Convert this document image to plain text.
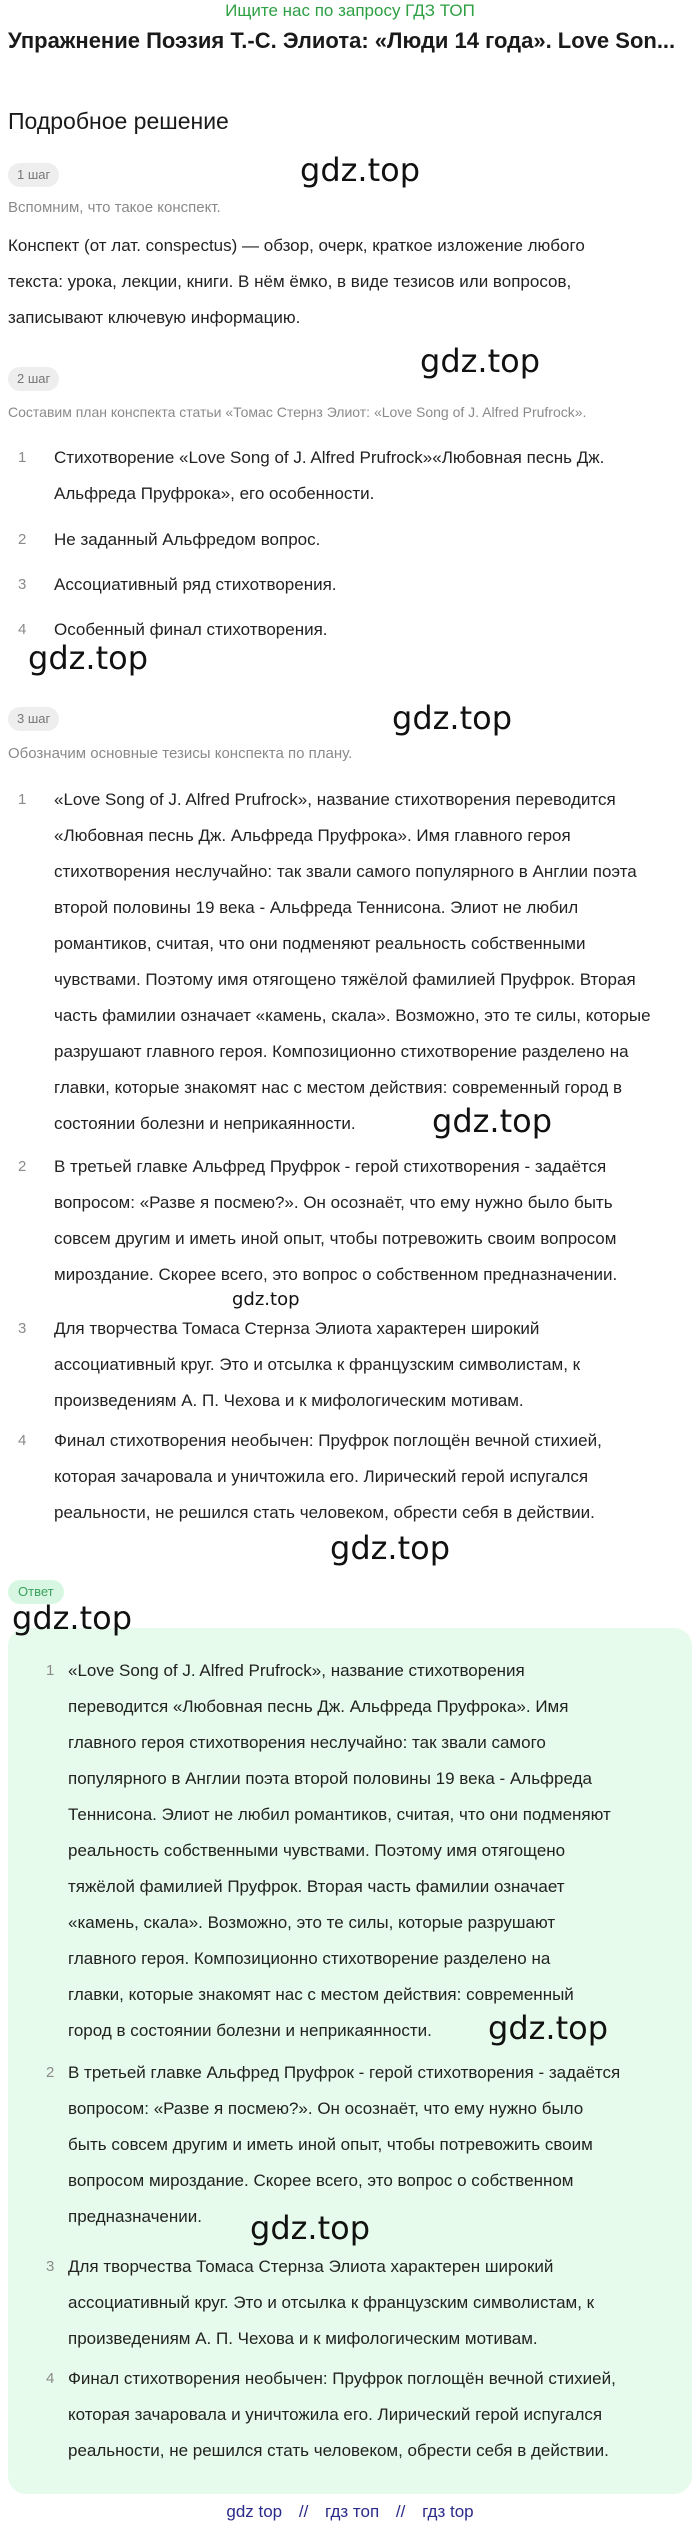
Ищите нас по запросу ГДЗ ТОП
Упражнение Поэзия Т.-С. Элиота: «Люди 14 года». Love Son...
Подробное решение
1 шаг	gdz.top
Вспомним, что такое конспект.
Конспект (от лат. conspectus) — обзор, очерк, краткое изложение любого
текста: урока, лекции, книги. В нём ёмко, в виде тезисов или вопросов,
записывают ключевую информацию.
gdz.top
2 шаг
Составим план конспекта статьи «Томас Стернз Элиот: «Love Song of J. Alfred Prufrock».
1	Стихотворение «Love Song of J. Alfred Prufrock»«Любовная песнь Дж.
Альфреда Пруфрока», его особенности.
2	Не заданный Альфредом вопрос.
3	Ассоциативный ряд стихотворения.
4	Особенный финал стихотворения.
gdz.top
3 шаг	gdz.top
Обозначим основные тезисы конспекта по плану.
1	«Love Song of J. Alfred Prufrock», название стихотворения переводится
«Любовная песнь Дж. Альфреда Пруфрока». Имя главного героя
стихотворения неслучайно: так звали самого популярного в Англии поэта
второй половины 19 века - Альфреда Теннисона. Элиот не любил
романтиков, считая, что они подменяют реальность собственными
чувствами. Поэтому имя отягощено тяжёлой фамилией Пруфрок. Вторая
часть фамилии означает «камень, скала». Возможно, это те силы, которые
разрушают главного героя. Композиционно стихотворение разделено на
главки, которые знакомят нас с местом действия: современный город в
состоянии болезни и неприкаянности.	gdz.top
2	В третьей главке Альфред Пруфрок - герой стихотворения - задаётся
вопросом: «Разве я посмею?». Он осознаёт, что ему нужно было быть
совсем другим и иметь иной опыт, чтобы потревожить своим вопросом
мироздание. Скорее всего, это вопрос о собственном предназначении.
gdz.top
3	Для творчества Томаса Стернза Элиота характерен широкий
ассоциативный круг. Это и отсылка к французским символистам, к
произведениям А. П. Чехова и к мифологическим мотивам.
4	Финал стихотворения необычен: Пруфрок поглощён вечной стихией,
которая зачаровала и уничтожила его. Лирический герой испугался
реальности, не решился стать человеком, обрести себя в действии.
gdz.top
Ответ
gdz.top
1 «Love Song of J. Alfred Prufrock», название стихотворения
переводится «Любовная песнь Дж. Альфреда Пруфрока». Имя
главного героя стихотворения неслучайно: так звали самого
популярного в Англии поэта второй половины 19 века - Альфреда
Теннисона. Элиот не любил романтиков, считая, что они подменяют
реальность собственными чувствами. Поэтому имя отягощено
тяжёлой фамилией Пруфрок. Вторая часть фамилии означает
«камень, скала». Возможно, это те силы, которые разрушают
главного героя. Композиционно стихотворение разделено на
главки, которые знакомят нас с местом действия: современный
город в состоянии болезни и неприкаянности.	gdz.top
2 В третьей главке Альфред Пруфрок - герой стихотворения - задаётся
вопросом: «Разве я посмею?». Он осознаёт, что ему нужно было
быть совсем другим и иметь иной опыт, чтобы потревожить своим
вопросом мироздание. Скорее всего, это вопрос о собственном
предназначении.	gdz.top
3 Для творчества Томаса Стернза Элиота характерен широкий
ассоциативный круг. Это и отсылка к французским символистам, к
произведениям А. П. Чехова и к мифологическим мотивам.
4 Финал стихотворения необычен: Пруфрок поглощён вечной стихией,
которая зачаровала и уничтожила его. Лирический герой испугался
реальности, не решился стать человеком, обрести себя в действии.
gdz top // гдз топ // гдз top
